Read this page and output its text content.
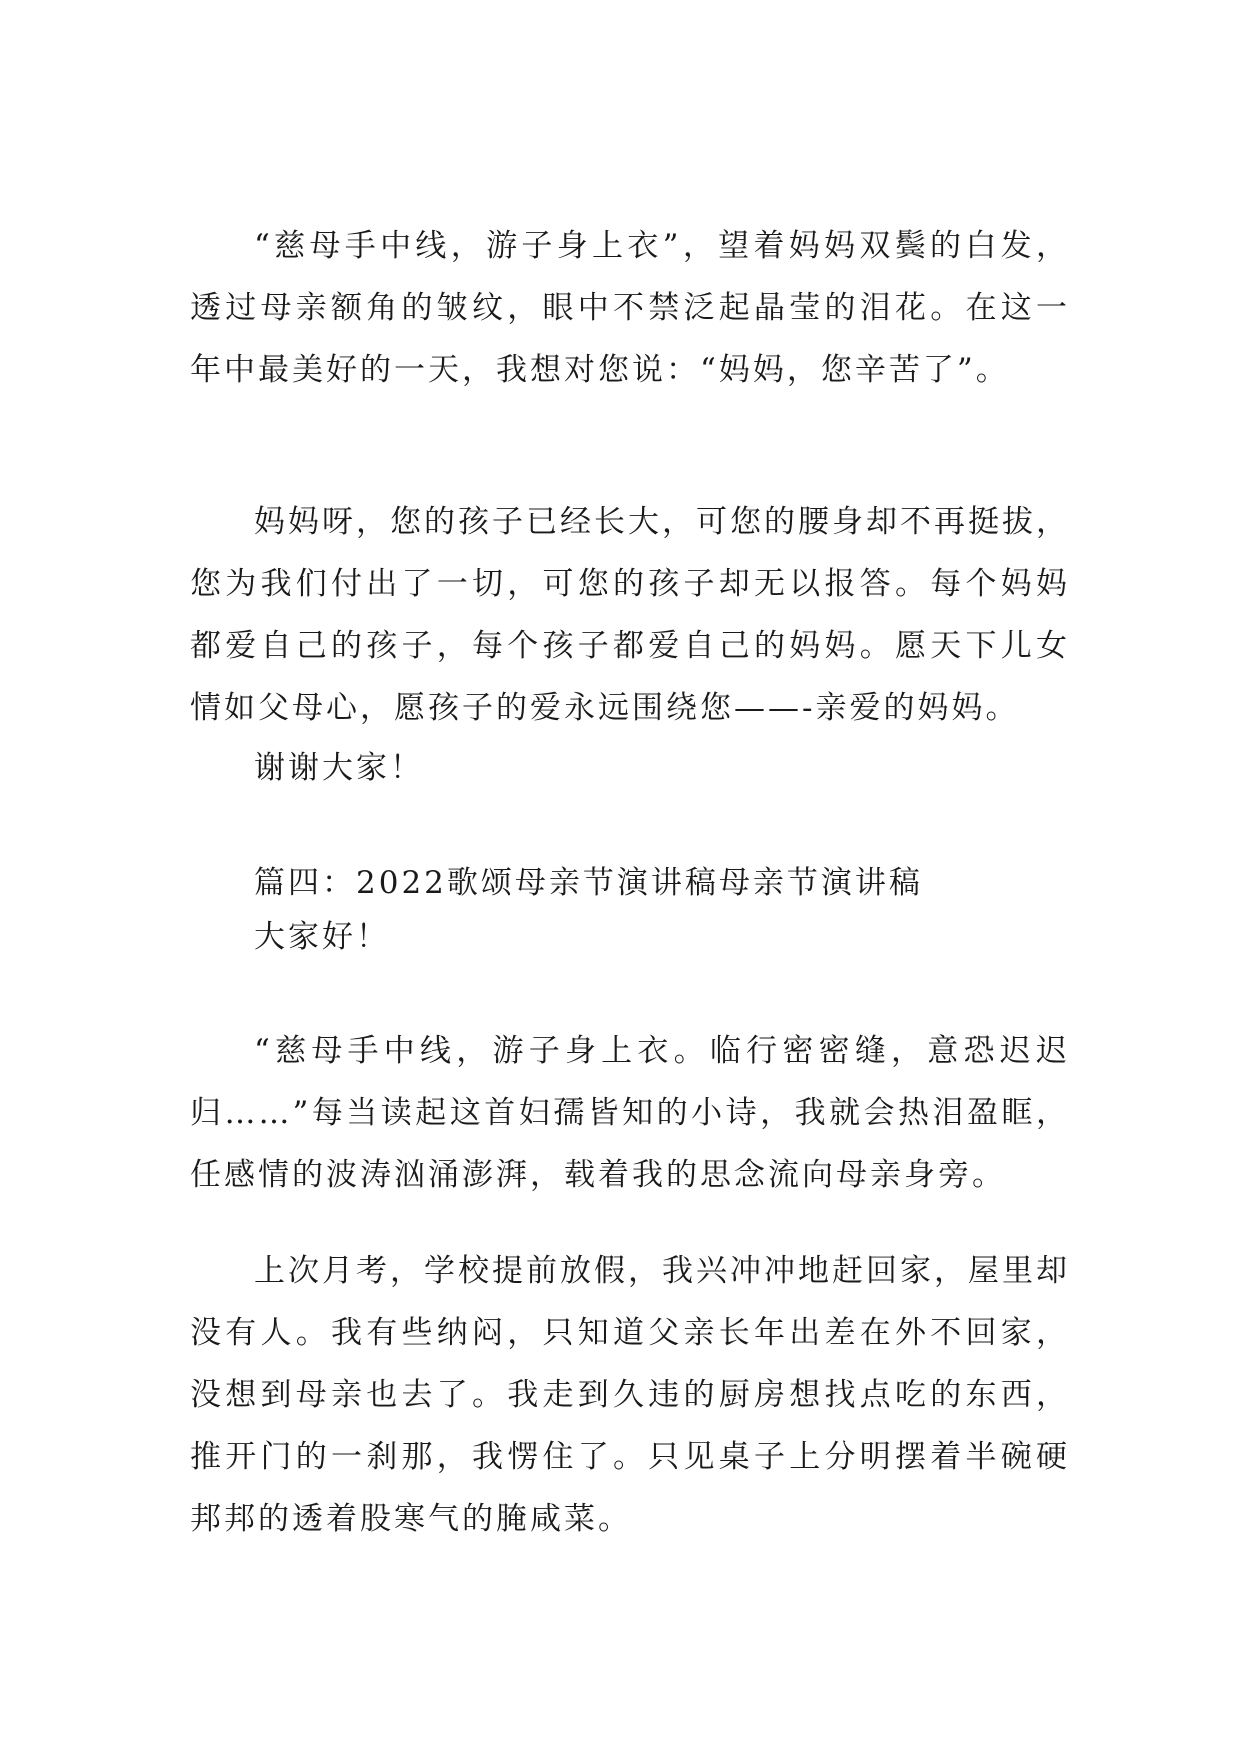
“慈母手中线，游子身上衣”，望着妈妈双鬓的白发，透过母亲额角的皱纹，眼中不禁泛起晶莹的泪花。在这一年中最美好的一天，我想对您说：“妈妈，您辛苦了”。

妈妈呀，您的孩子已经长大，可您的腰身却不再挺拔，您为我们付出了一切，可您的孩子却无以报答。每个妈妈都爱自己的孩子，每个孩子都爱自己的妈妈。愿天下儿女情如父母心，愿孩子的爱永远围绕您——-亲爱的妈妈。

谢谢大家！

篇四：2022歌颂母亲节演讲稿母亲节演讲稿

大家好！

“慈母手中线，游子身上衣。临行密密缝，意恐迟迟归……”每当读起这首妇孺皆知的小诗，我就会热泪盈眶，任感情的波涛汹涌澎湃，载着我的思念流向母亲身旁。

上次月考，学校提前放假，我兴冲冲地赶回家，屋里却没有人。我有些纳闷，只知道父亲长年出差在外不回家，没想到母亲也去了。我走到久违的厨房想找点吃的东西，推开门的一刹那，我愣住了。只见桌子上分明摆着半碗硬邦邦的透着股寒气的腌咸菜。
